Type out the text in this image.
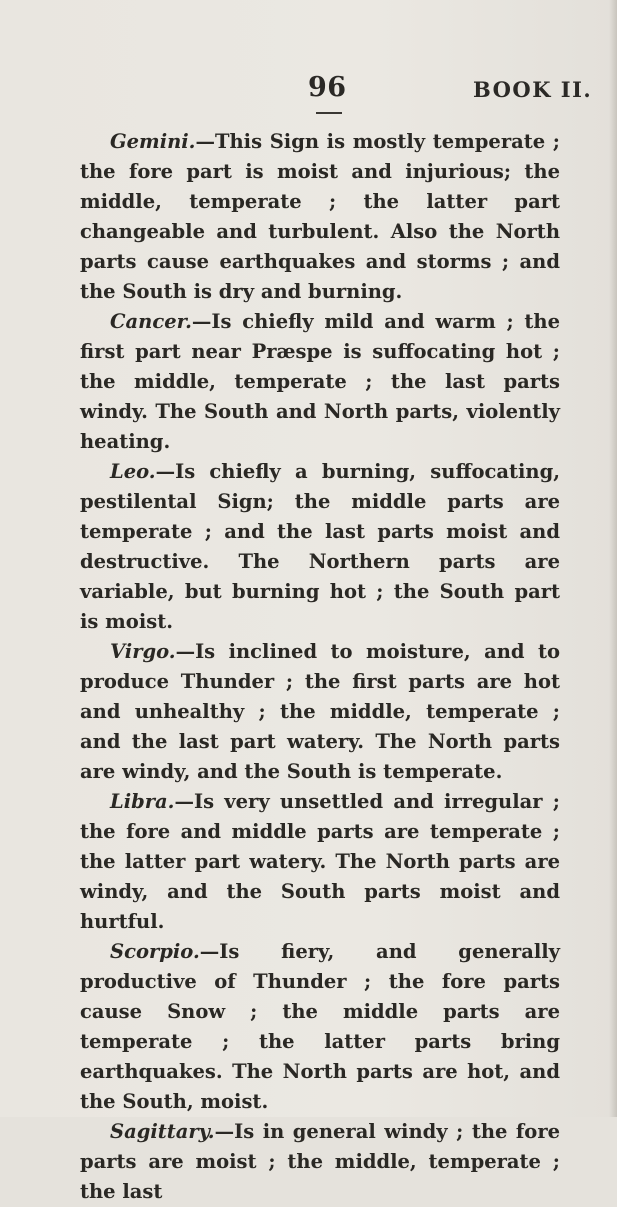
96	BOOK II.

Gemini.—This Sign is mostly temperate ; the fore part is moist and injurious; the middle, temperate ; the latter part changeable and turbulent. Also the North parts cause earthquakes and storms ; and the South is dry and burning.

Cancer.—Is chiefly mild and warm ; the first part near Præspe is suffocating hot ; the middle, temperate ; the last parts windy. The South and North parts, violently heating.

Leo.—Is chiefly a burning, suffocating, pestilental Sign; the middle parts are temperate ; and the last parts moist and destructive. The Northern parts are variable, but burning hot ; the South part is moist.

Virgo.—Is inclined to moisture, and to produce Thunder ; the first parts are hot and unhealthy ; the middle, temperate ; and the last part watery. The North parts are windy, and the South is temperate.

Libra.—Is very unsettled and irregular ; the fore and middle parts are temperate ; the latter part watery. The North parts are windy, and the South parts moist and hurtful.

Scorpio.—Is fiery, and generally productive of Thunder ; the fore parts cause Snow ; the middle parts are temperate ; the latter parts bring earthquakes. The North parts are hot, and the South, moist.

Sagittary.—Is in general windy ; the fore parts are moist ; the middle, temperate ; the last
